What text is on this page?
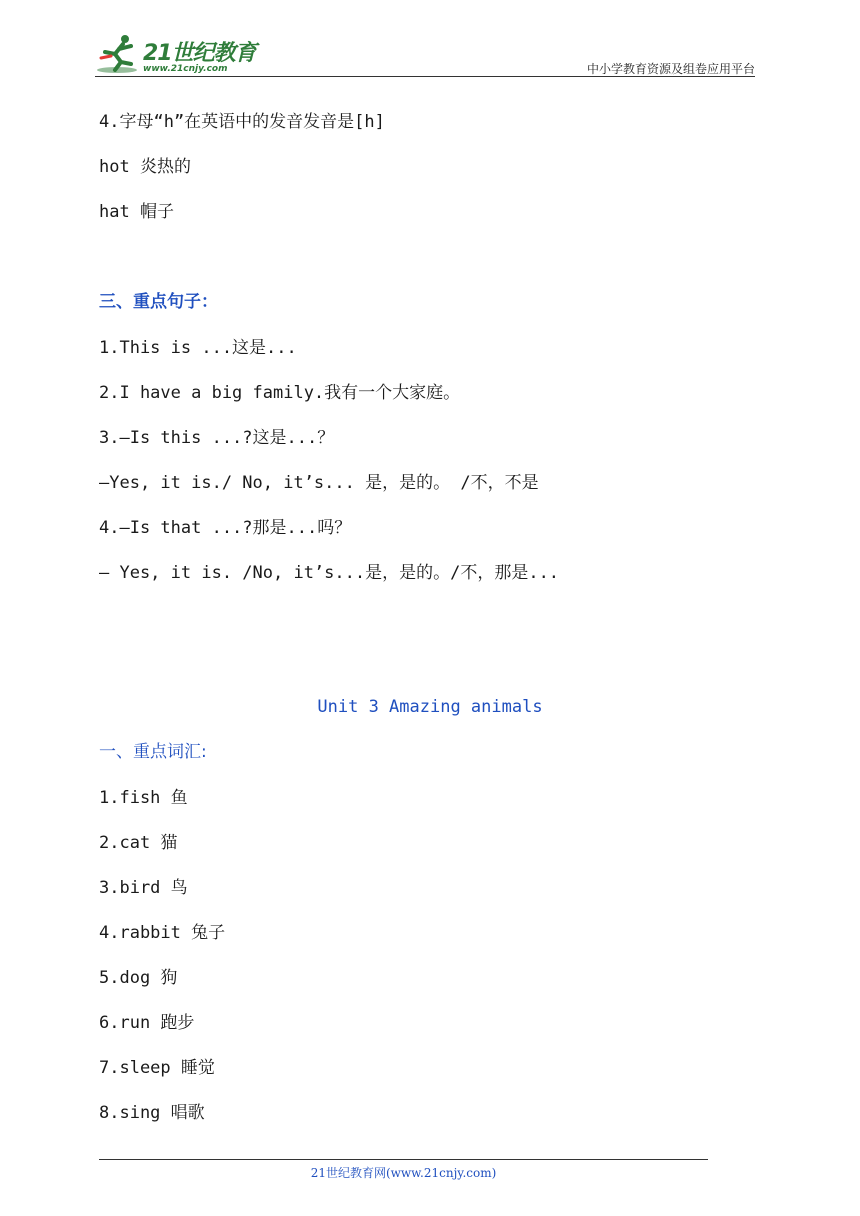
21世纪教育
www.21cnjy.com	中小学教育资源及组卷应用平台
4.字母“h”在英语中的发音发音是[h]
hot 炎热的
hat 帽子
三、重点句子：
1.This is ...这是...
2.I have a big family.我有一个大家庭。
3.—Is this ...?这是...？
—Yes, it is./ No, it’s... 是，是的。 /不，不是
4.—Is that ...?那是...吗？
— Yes, it is. /No, it’s...是，是的。/不，那是...
Unit 3 Amazing animals
一、重点词汇:
1.fish 鱼
2.cat 猫
3.bird 鸟
4.rabbit 兔子
5.dog 狗
6.run 跑步
7.sleep 睡觉
8.sing 唱歌
21世纪教育网(www.21cnjy.com)
